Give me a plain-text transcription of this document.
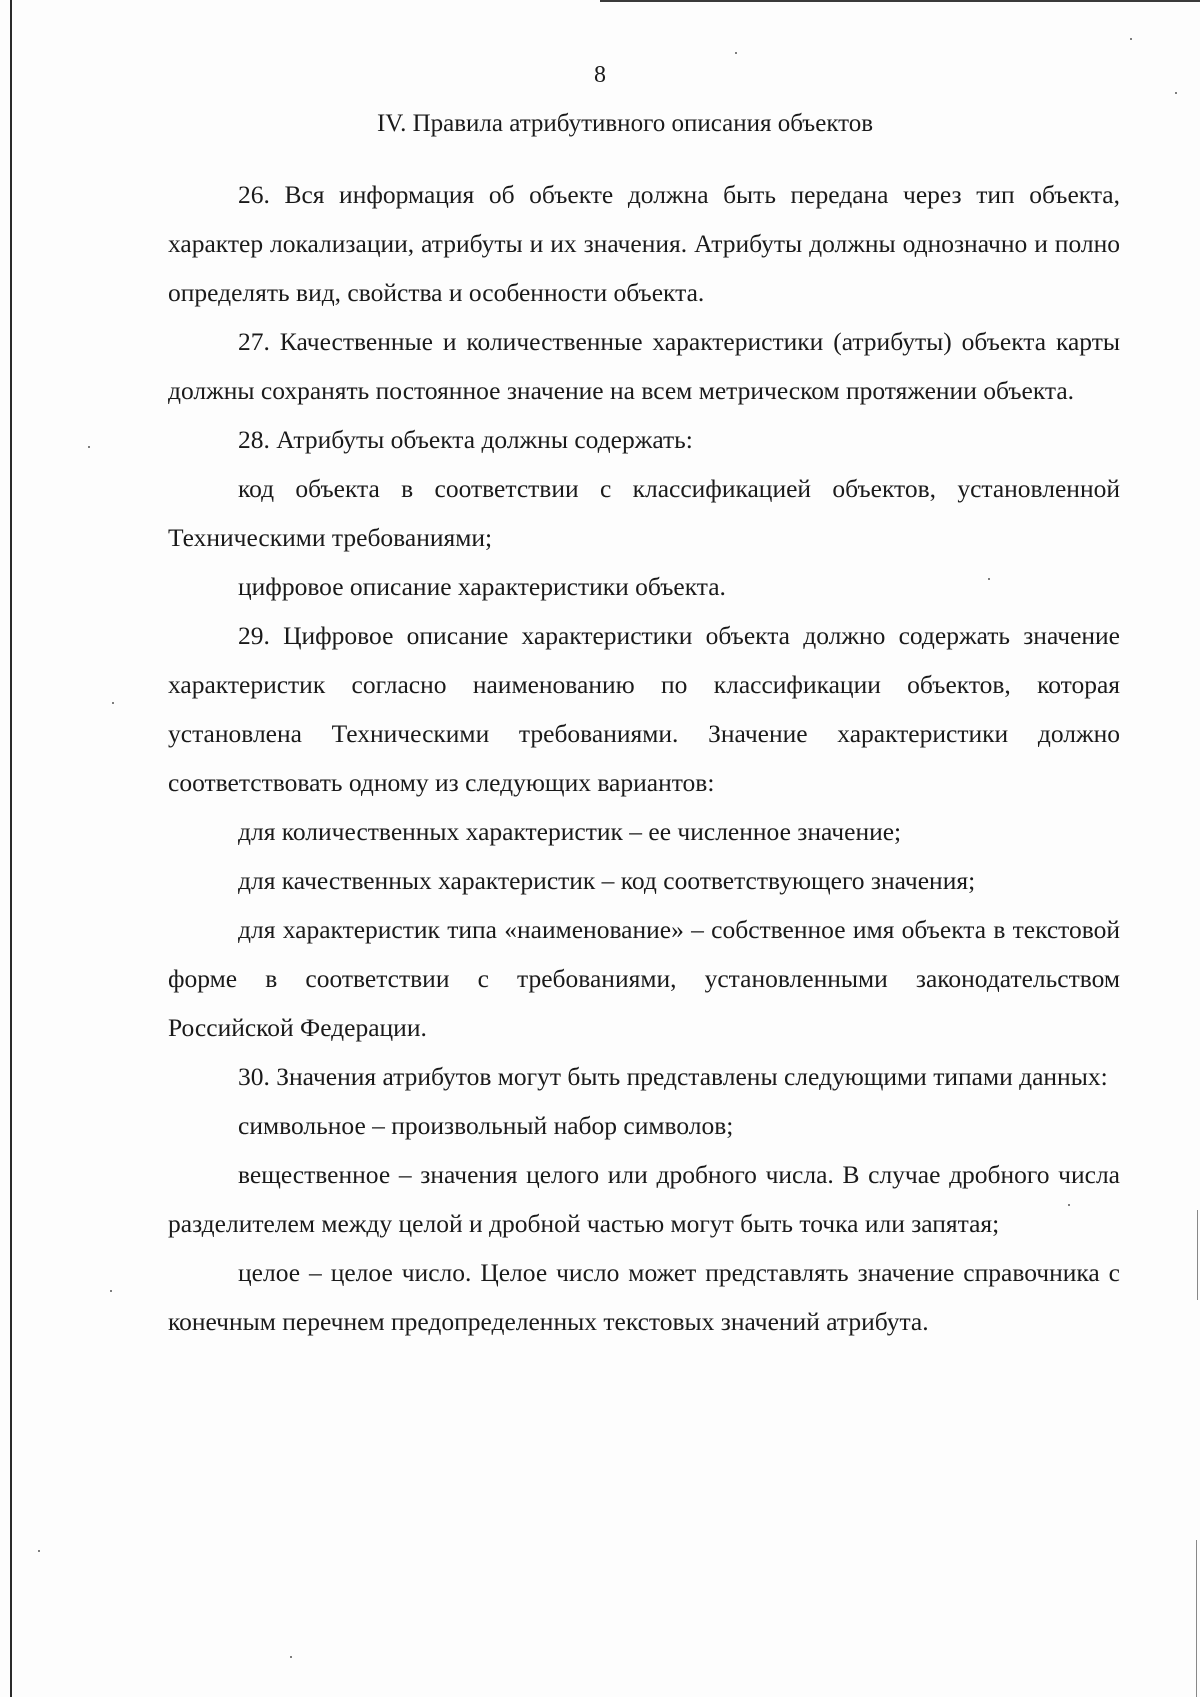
8
IV. Правила атрибутивного описания объектов

26. Вся информация об объекте должна быть передана через тип объекта, характер локализации, атрибуты и их значения. Атрибуты должны однозначно и полно определять вид, свойства и особенности объекта.

27. Качественные и количественные характеристики (атрибуты) объекта карты должны сохранять постоянное значение на всем метрическом протяжении объекта.

28. Атрибуты объекта должны содержать:

код объекта в соответствии с классификацией объектов, установленной Техническими требованиями;

цифровое описание характеристики объекта.

29. Цифровое описание характеристики объекта должно содержать значение характеристик согласно наименованию по классификации объектов, которая установлена Техническими требованиями. Значение характеристики должно соответствовать одному из следующих вариантов:

для количественных характеристик – ее численное значение;

для качественных характеристик – код соответствующего значения;

для характеристик типа «наименование» – собственное имя объекта в текстовой форме в соответствии с требованиями, установленными законодательством Российской Федерации.

30. Значения атрибутов могут быть представлены следующими типами данных:

символьное – произвольный набор символов;

вещественное – значения целого или дробного числа. В случае дробного числа разделителем между целой и дробной частью могут быть точка или запятая;

целое – целое число. Целое число может представлять значение справочника с конечным перечнем предопределенных текстовых значений атрибута.
